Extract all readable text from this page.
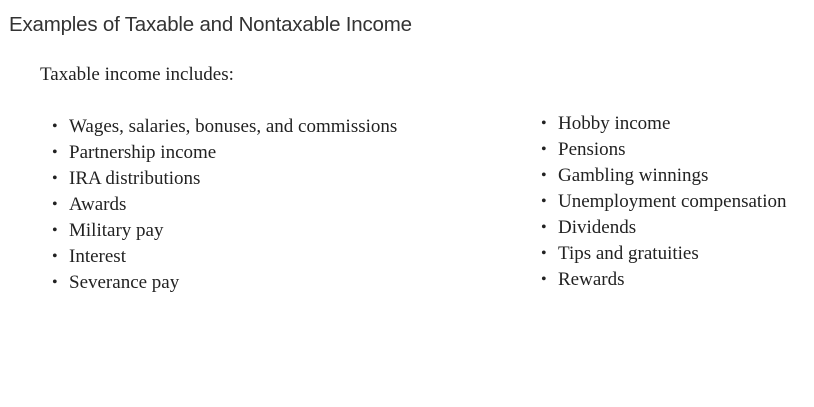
Examples of Taxable and Nontaxable Income

Taxable income includes:

• Wages, salaries, bonuses, and commissions
• Partnership income
• IRA distributions
• Awards
• Military pay
• Interest
• Severance pay
• Hobby income
• Pensions
• Gambling winnings
• Unemployment compensation
• Dividends
• Tips and gratuities
• Rewards
